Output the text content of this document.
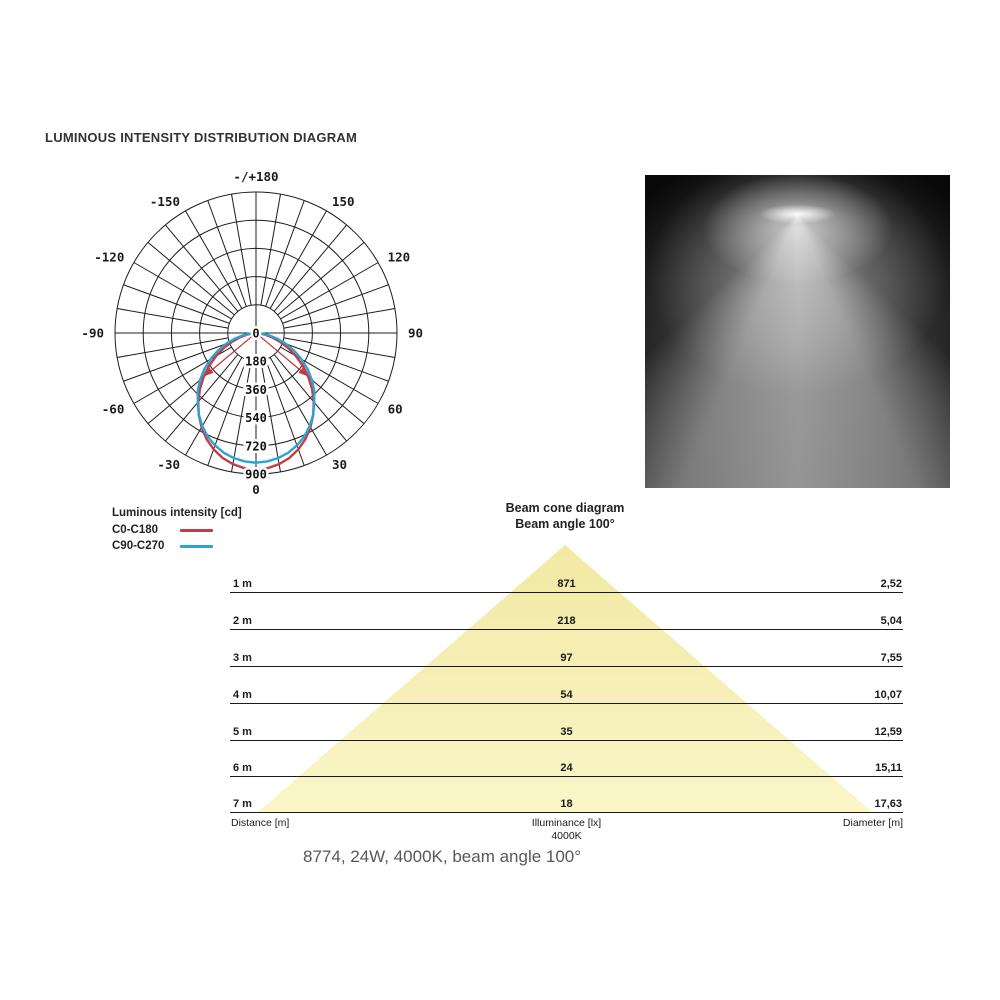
LUMINOUS INTENSITY DISTRIBUTION DIAGRAM
0
180
360
540
720
900
-/+180
-150	150
-120	120
-90	90
-60	60
-30	30
0
Luminous intensity [cd]
C0-C180
C90-C270
Beam cone diagram
Beam angle 100°
1 m	871	2,52
2 m	218	5,04
3 m	97	7,55
4 m	54	10,07
5 m	35	12,59
6 m	24	15,11
7 m	18	17,63
Distance [m]	Illuminance [lx]	Diameter [m]
4000K
8774, 24W, 4000K, beam angle 100°
